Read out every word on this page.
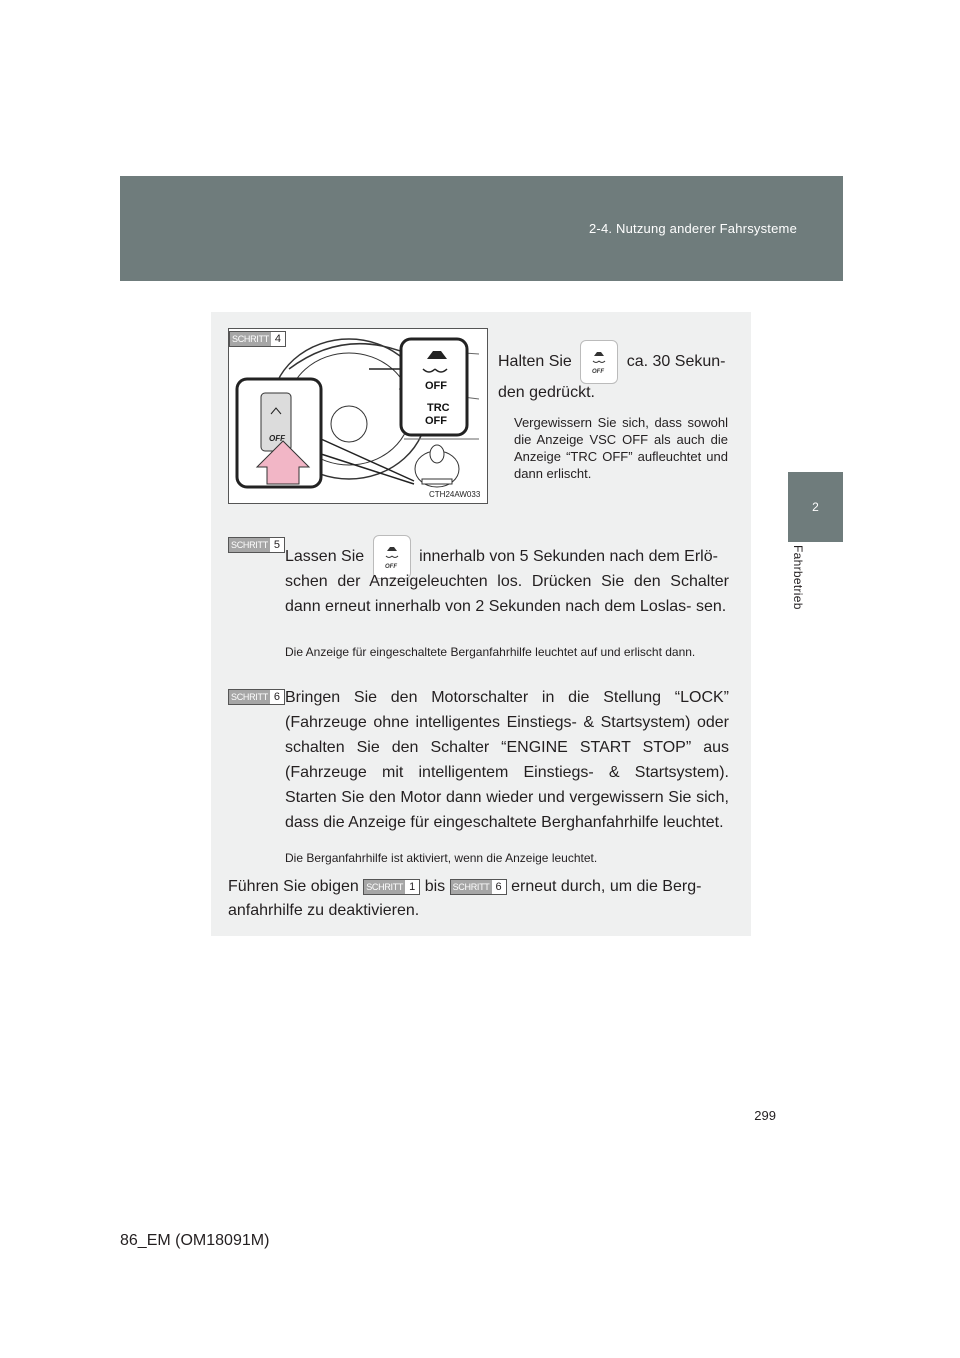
2-4. Nutzung anderer Fahrsysteme
2
Fahrbetrieb
OFF
OFF
TRC
OFF
CTH24AW033
SCHRITT 4
Halten Sie
OFF
ca. 30 Sekun-
den gedrückt.
Vergewissern Sie sich, dass sowohl die Anzeige VSC OFF als auch die Anzeige “TRC OFF” aufleuchtet und dann erlischt.
SCHRITT 5
Lassen Sie
OFF
innerhalb von 5 Sekunden nach dem Erlö-
schen der Anzeigeleuchten los. Drücken Sie den Schalter dann erneut innerhalb von 2 Sekunden nach dem Loslas- sen.
Die Anzeige für eingeschaltete Berganfahrhilfe leuchtet auf und erlischt dann.
SCHRITT 6 Bringen Sie den Motorschalter in die Stellung “LOCK” (Fahrzeuge ohne intelligentes Einstiegs- & Startsystem) oder schalten Sie den Schalter “ENGINE START STOP” aus (Fahrzeuge mit intelligentem Einstiegs- & Startsystem). Starten Sie den Motor dann wieder und vergewissern Sie sich, dass die Anzeige für eingeschaltete Berghanfahrhilfe leuchtet.
Die Berganfahrhilfe ist aktiviert, wenn die Anzeige leuchtet.
Führen Sie obigen SCHRITT 1 bis SCHRITT 6 erneut durch, um die Berg-
anfahrhilfe zu deaktivieren.
299
86_EM (OM18091M)
